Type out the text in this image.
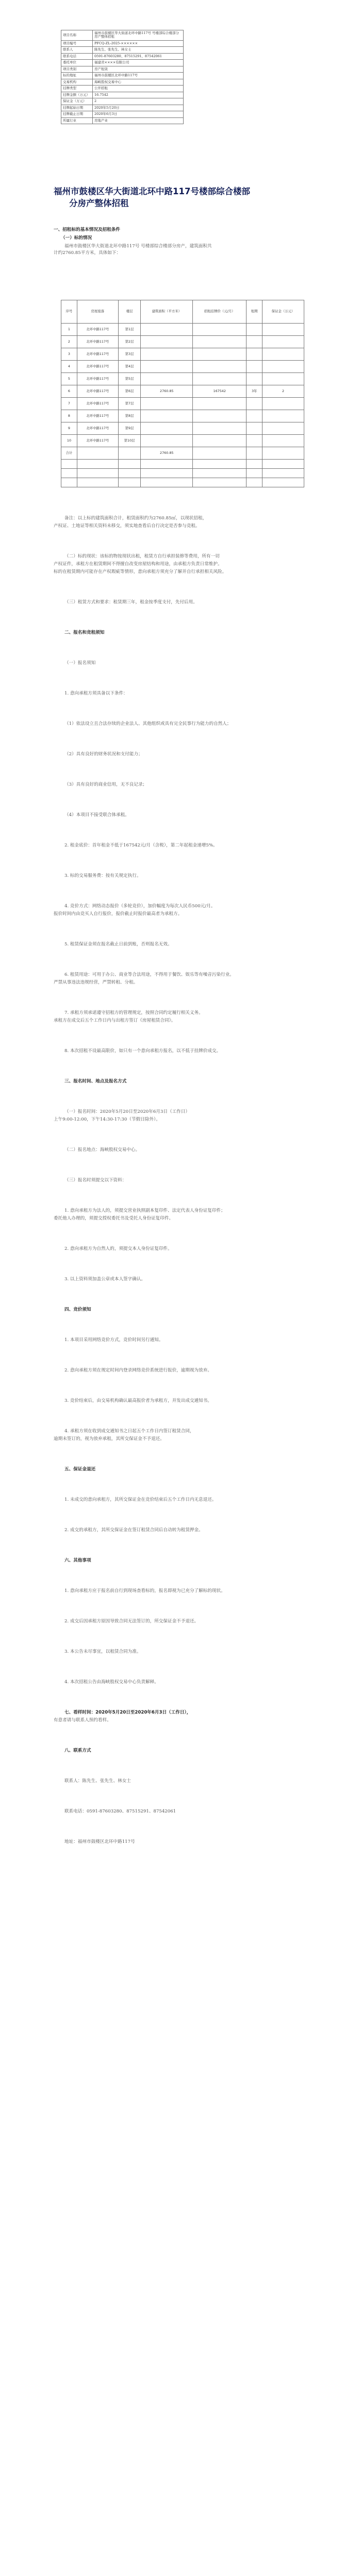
项目名称	福州市鼓楼区华大街道北环中路117号 号楼部综合楼部分房产整体招租
项目编号	PFCQ-ZL-2025-××××××
联系人	陈先生、张先生、林女士
联系电话	0591-87603280、87515291、87542061
委托单位	福建省××××有限公司
项目类别	房产租赁
标的地址	福州市鼓楼区北环中路117号
交易机构	海峡股权交易中心
挂牌类型	公开招租
挂牌金额（万元）	16.7542
保证金（万元）	2
挂牌起始日期	2020年5月20日
挂牌截止日期	2020年6月3日
所属行业	房地产业
福州市鼓楼区华大街道北环中路117号楼部综合楼部
分房产整体招租
一、招租标的基本情况及招租条件
（一）标的情况
福州市鼓楼区华大街道北环中路117号 号楼部综合楼部分房产，建筑面积共
计约2760.85平方米，具体如下：
序号	房屋座落	楼层	建筑面积（平方米）	招租挂牌价（元/月）	租期	保证金（万元）
1	北环中路117号	第1层				
2	北环中路117号	第2层				
3	北环中路117号	第3层				
4	北环中路117号	第4层				
5	北环中路117号	第5层				
6	北环中路117号	第6层	2760.85	167542	3年	2
7	北环中路117号	第7层				
8	北环中路117号	第8层				
9	北环中路117号	第9层				
10	北环中路117号	第10层				
合计			2760.85			

备注：以上标的建筑面积合计，租赁面积约为2760.85㎡，以现状招租，
产权证、土地证等相关资料未移交，须实地查看后自行决定是否参与竞租。
（二）标的现状：该标的物按现状出租，租赁方自行承担装修等费用，所有一切
产权证件，承租方在租赁期间不得擅自改变房屋结构和用途，由承租方负责日常维护。
标的在租赁期内可能存在产权瑕疵等情形，意向承租方须充分了解并自行承担相关风险。
（三）租赁方式和要求：租赁期三年，租金按季度支付，先付后用。
二、报名和竞租须知
（一）报名须知
1. 意向承租方须具备以下条件：
（1）依法设立且合法存续的企业法人、其他组织或具有完全民事行为能力的自然人；
（2）具有良好的财务状况和支付能力；
（3）具有良好的商业信用，无不良记录；
（4）本项目不接受联合体承租。
2. 租金底价：首年租金不低于167542元/月（含税），第二年起租金递增5%。
3. 标的交易服务费：按有关规定执行。
4. 竞价方式：网络动态报价（多轮竞价），加价幅度为每次人民币500元/月。
报价时间内由竞买人自行报价，报价截止时报价最高者为承租方。
5. 租赁保证金须在报名截止日前到账，否则报名无效。
6. 租赁用途：可用于办公、商业等合法用途，不得用于餐饮、娱乐等有噪音污染行业。
严禁从事违法违规经营，严禁转租、分租。
7. 承租方须承诺遵守招租方的管理规定，按照合同约定履行相关义务。
承租方在成交后五个工作日内与出租方签订《房屋租赁合同》。
8. 本次招租不设最高限价，如只有一个意向承租方报名，以不低于挂牌价成交。
三、报名时间、地点及报名方式
（一）报名时间：2020年5月20日至2020年6月3日（工作日）
上午9:00-12:00，下午14:30-17:30（节假日除外）。
（二）报名地点：海峡股权交易中心。
（三）报名时须提交以下资料：
1. 意向承租方为法人的，须提交营业执照副本复印件、法定代表人身份证复印件；
委托他人办理的，须提交授权委托书及受托人身份证复印件。
2. 意向承租方为自然人的，须提交本人身份证复印件。
3. 以上资料须加盖公章或本人签字确认。
四、竞价须知
1. 本项目采用网络竞价方式，竞价时间另行通知。
2. 意向承租方须在规定时间内登录网络竞价系统进行报价，逾期视为放弃。
3. 竞价结束后，由交易机构确认最高报价者为承租方，并发出成交通知书。
4. 承租方须在收到成交通知书之日起五个工作日内签订租赁合同，
逾期未签订的，视为放弃承租，其所交保证金不予退还。
五、保证金退还
1. 未成交的意向承租方，其所交保证金在竞价结束后五个工作日内无息退还。
2. 成交的承租方，其所交保证金在签订租赁合同后自动转为租赁押金。
六、其他事项
1. 意向承租方应于报名前自行到现场查看标的，报名即视为已充分了解标的现状。
2. 成交后因承租方原因导致合同无法签订的，所交保证金不予退还。
3. 本公告未尽事宜，以租赁合同为准。
4. 本次招租公告由海峡股权交易中心负责解释。
七、看样时间：2020年5月20日至2020年6月3日（工作日），
有意者请与联系人预约看样。
八、联系方式
联系人：陈先生、张先生、林女士
联系电话：0591-87603280、87515291、87542061
地址：福州市鼓楼区北环中路117号
